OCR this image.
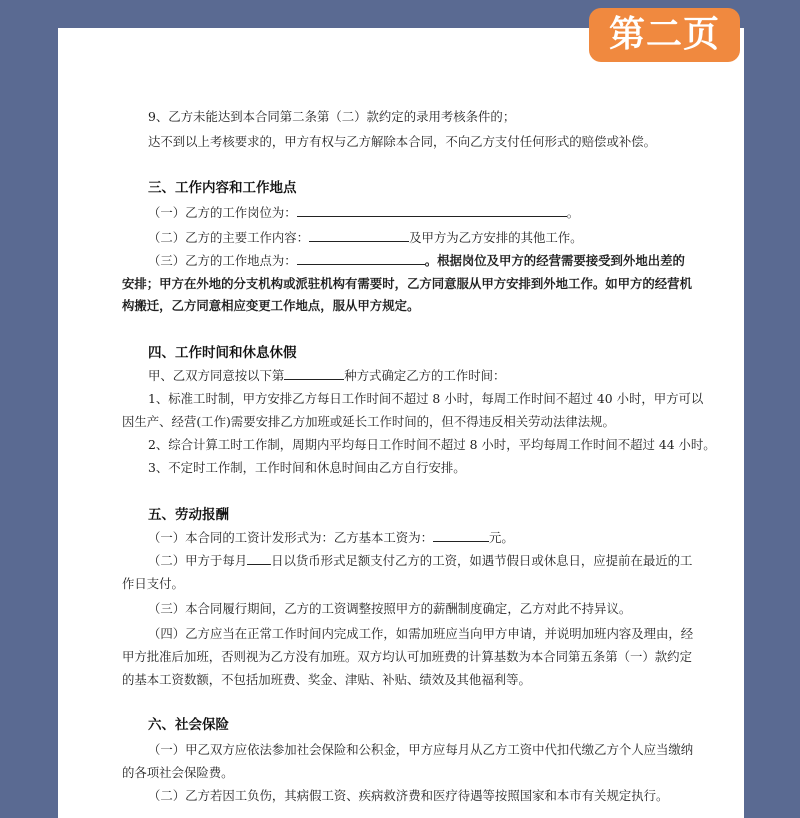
第二页
9、乙方未能达到本合同第二条第（二）款约定的录用考核条件的；
达不到以上考核要求的，甲方有权与乙方解除本合同，不向乙方支付任何形式的赔偿或补偿。
三、工作内容和工作地点
（一）乙方的工作岗位为：	。
（二）乙方的主要工作内容：	及甲方为乙方安排的其他工作。
（三）乙方的工作地点为：	。根据岗位及甲方的经营需要接受到外地出差的
安排；甲方在外地的分支机构或派驻机构有需要时，乙方同意服从甲方安排到外地工作。如甲方的经营机
构搬迁，乙方同意相应变更工作地点，服从甲方规定。
四、工作时间和休息休假
甲、乙双方同意按以下第	种方式确定乙方的工作时间：
1、标准工时制，甲方安排乙方每日工作时间不超过 8 小时，每周工作时间不超过 40 小时，甲方可以
因生产、经营(工作)需要安排乙方加班或延长工作时间的，但不得违反相关劳动法律法规。
2、综合计算工时工作制，周期内平均每日工作时间不超过 8 小时，平均每周工作时间不超过 44 小时。
3、不定时工作制，工作时间和休息时间由乙方自行安排。
五、劳动报酬
（一）本合同的工资计发形式为：乙方基本工资为：	元。
（二）甲方于每月 日以货币形式足额支付乙方的工资，如遇节假日或休息日，应提前在最近的工
作日支付。
（三）本合同履行期间，乙方的工资调整按照甲方的薪酬制度确定，乙方对此不持异议。
（四）乙方应当在正常工作时间内完成工作，如需加班应当向甲方申请，并说明加班内容及理由，经
甲方批准后加班，否则视为乙方没有加班。双方均认可加班费的计算基数为本合同第五条第（一）款约定
的基本工资数额，不包括加班费、奖金、津贴、补贴、绩效及其他福利等。
六、社会保险
（一）甲乙双方应依法参加社会保险和公积金，甲方应每月从乙方工资中代扣代缴乙方个人应当缴纳
的各项社会保险费。
（二）乙方若因工负伤，其病假工资、疾病救济费和医疗待遇等按照国家和本市有关规定执行。
